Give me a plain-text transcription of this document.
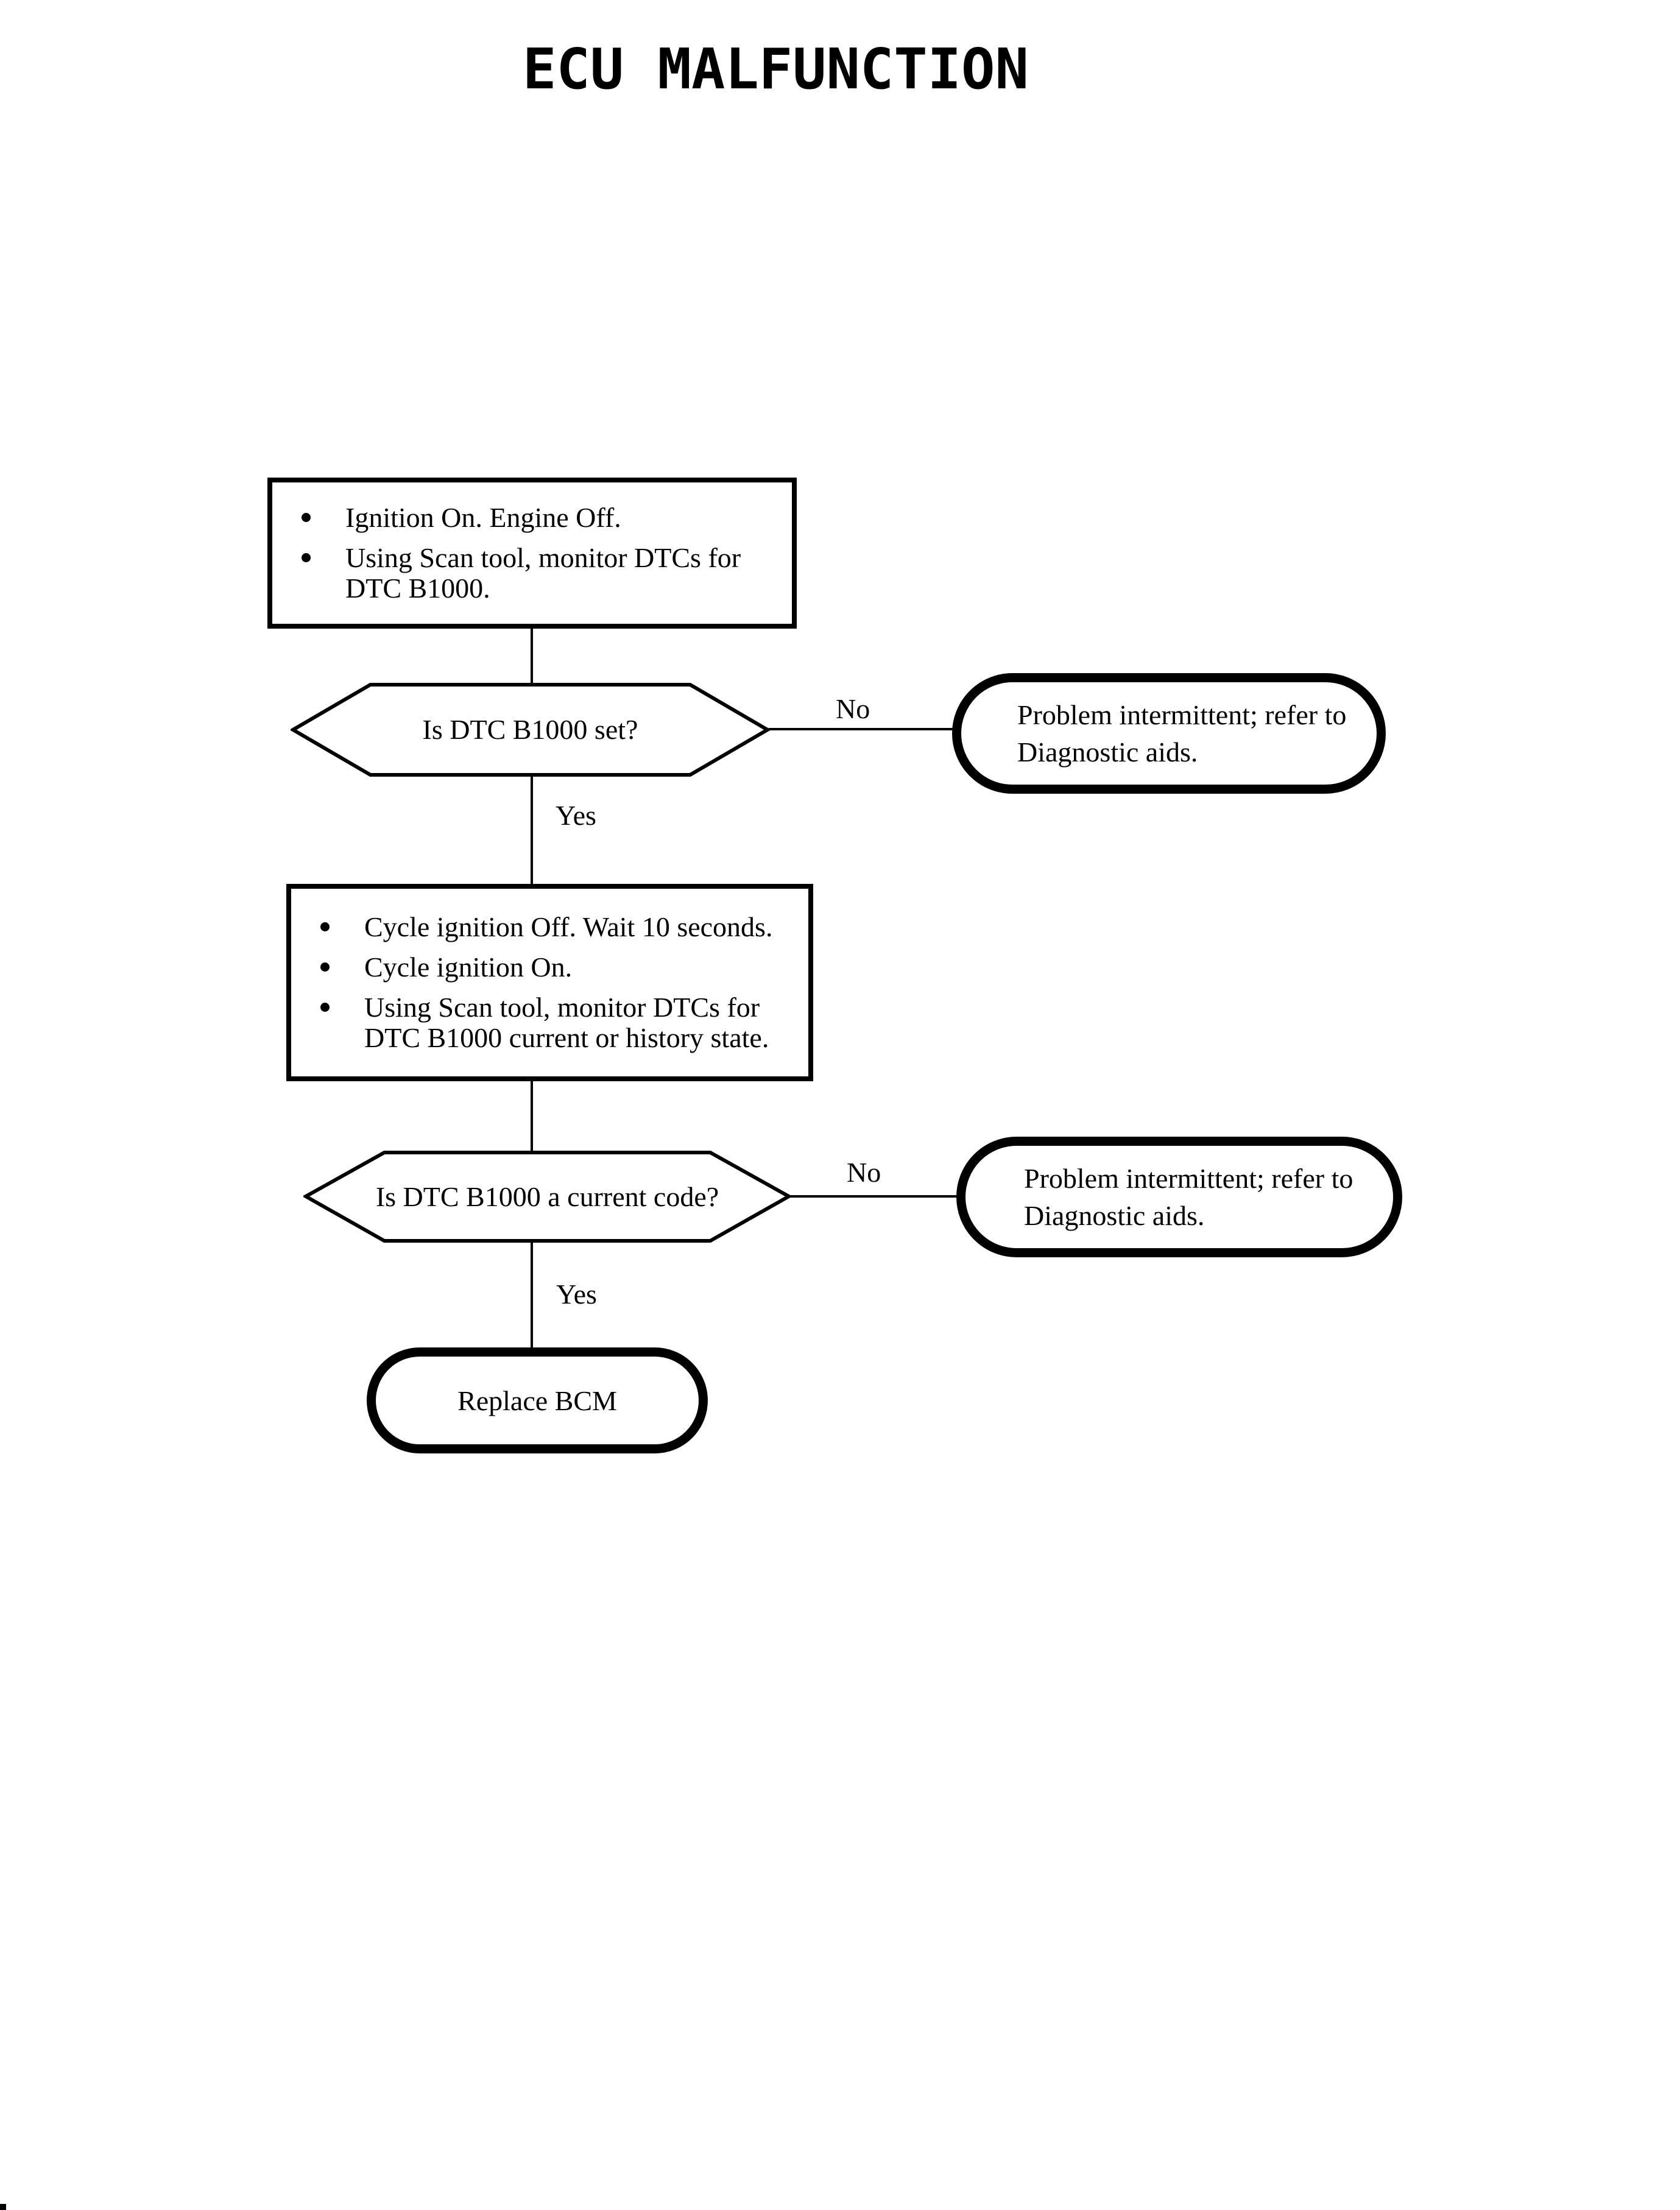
ECU MALFUNCTION
Ignition On. Engine Off.
Using Scan tool, monitor DTCs for DTC B1000.
Is DTC B1000 set?
No	Problem intermittent; refer to Diagnostic aids.
Yes
Cycle ignition Off. Wait 10 seconds.
Cycle ignition On.
Using Scan tool, monitor DTCs for DTC B1000 current or history state.
Is DTC B1000 a current code?
No	Problem intermittent; refer to Diagnostic aids.
Yes
Replace BCM
